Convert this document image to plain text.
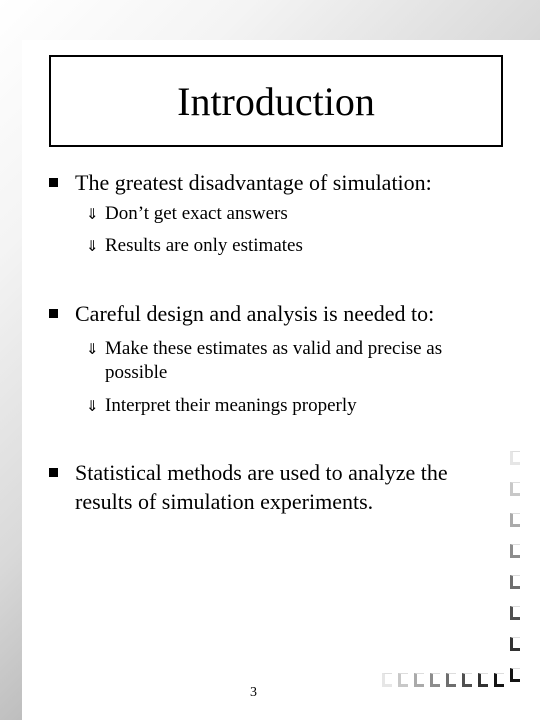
Introduction
The greatest disadvantage of simulation:
⇓ Don’t get exact answers
⇓ Results are only estimates
Careful design and analysis is needed to:
⇓ Make these estimates as valid and precise as possible
⇓ Interpret their meanings properly
Statistical methods are used to analyze the results of simulation experiments.
3
